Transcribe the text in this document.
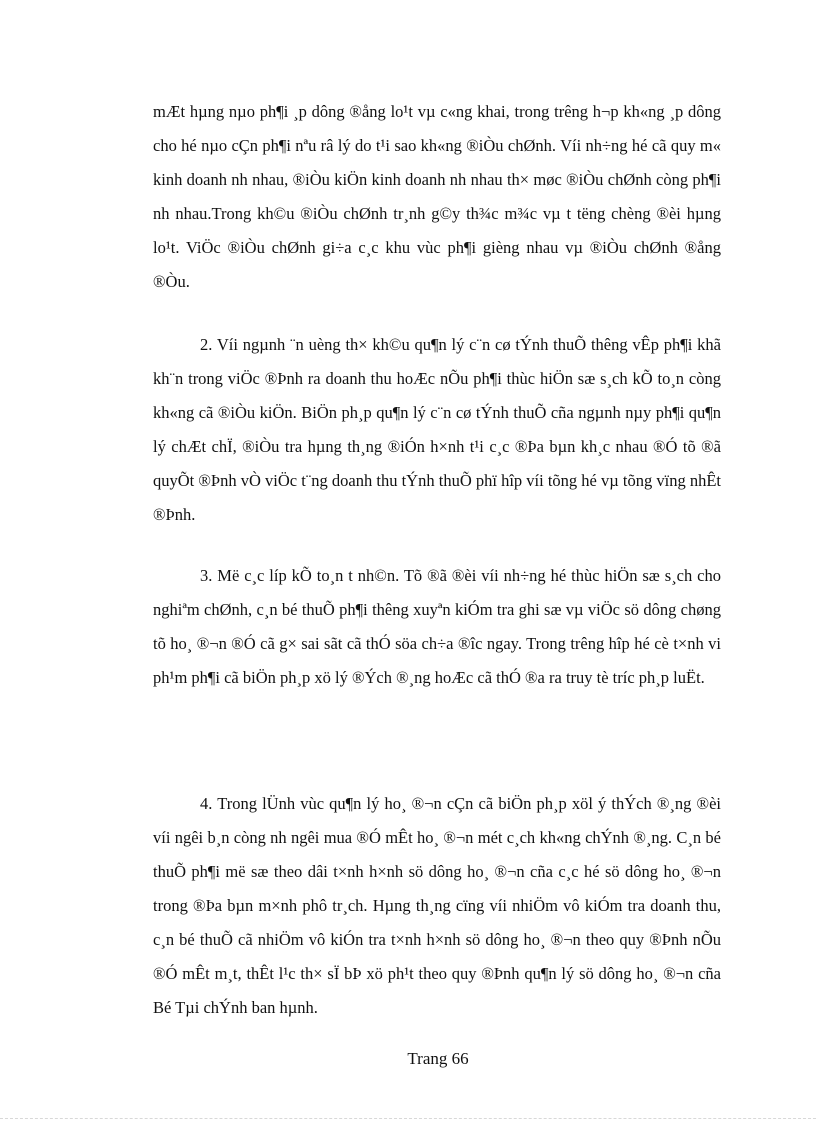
mÆt hµng nµo ph¶i ¸p dông ®ång lo¹t vµ c«ng khai, trong trêng h¬p kh«ng ¸p dông cho hé nµo cÇn ph¶i nªu râ lý do t¹i sao kh«ng ®iÒu chØnh. Víi nh÷ng hé cã quy m« kinh doanh nh nhau, ®iÒu kiÖn kinh doanh nh nhau th× møc ®iÒu chØnh còng ph¶i nh nhau.Trong kh©u ®iÒu chØnh tr¸nh g©y th¾c m¾c vµ t tëng chèng ®èi hµng lo¹t. ViÖc ®iÒu chØnh gi÷a c¸c khu vùc ph¶i gièng nhau vµ ®iÒu chØnh ®ång ®Òu.

2. Víi ngµnh ¨n uèng th× kh©u qu¶n lý c¨n cø tÝnh thuÕ thêng vÊp ph¶i khã kh¨n trong viÖc ®Þnh ra doanh thu hoÆc nÕu ph¶i thùc hiÖn sæ s¸ch kÕ to¸n còng kh«ng cã ®iÒu kiÖn. BiÖn ph¸p qu¶n lý c¨n cø tÝnh thuÕ cña ngµnh nµy ph¶i qu¶n lý chÆt chÏ, ®iÒu tra hµng th¸ng ®iÓn h×nh t¹i c¸c ®Þa bµn kh¸c nhau ®Ó tõ ®ã quyÕt ®Þnh vÒ viÖc t¨ng doanh thu tÝnh thuÕ phï hîp víi tõng hé vµ tõng vïng nhÊt ®Þnh.

3. Më c¸c líp kÕ to¸n t nh©n. Tõ ®ã ®èi víi nh÷ng hé thùc hiÖn sæ s¸ch cho nghiªm chØnh, c¸n bé thuÕ ph¶i thêng xuyªn kiÓm tra ghi sæ vµ viÖc sö dông chøng tõ ho¸ ®¬n ®Ó cã g× sai sãt cã thÓ söa ch÷a ®îc ngay. Trong trêng hîp hé cè t×nh vi ph¹m ph¶i cã biÖn ph¸p xö lý ®Ých ®¸ng hoÆc cã thÓ ®a ra truy tè tríc ph¸p luËt.

4. Trong lÜnh vùc qu¶n lý ho¸ ®¬n cÇn cã biÖn ph¸p xöl ý thÝch ®¸ng ®èi víi ngêi b¸n còng nh ngêi mua ®Ó mÊt ho¸ ®¬n mét c¸ch kh«ng chÝnh ®¸ng. C¸n bé thuÕ ph¶i më sæ theo dâi t×nh h×nh sö dông ho¸ ®¬n cña c¸c hé sö dông ho¸ ®¬n trong ®Þa bµn m×nh phô tr¸ch. Hµng th¸ng cïng víi nhiÖm vô kiÓm tra doanh thu, c¸n bé thuÕ cã nhiÖm vô kiÓn tra t×nh h×nh sö dông ho¸ ®¬n theo quy ®Þnh nÕu ®Ó mÊt m¸t, thÊt l¹c th× sÏ bÞ xö ph¹t theo quy ®Þnh qu¶n lý sö dông ho¸ ®¬n cña Bé Tµi chÝnh ban hµnh.

Trang 66
